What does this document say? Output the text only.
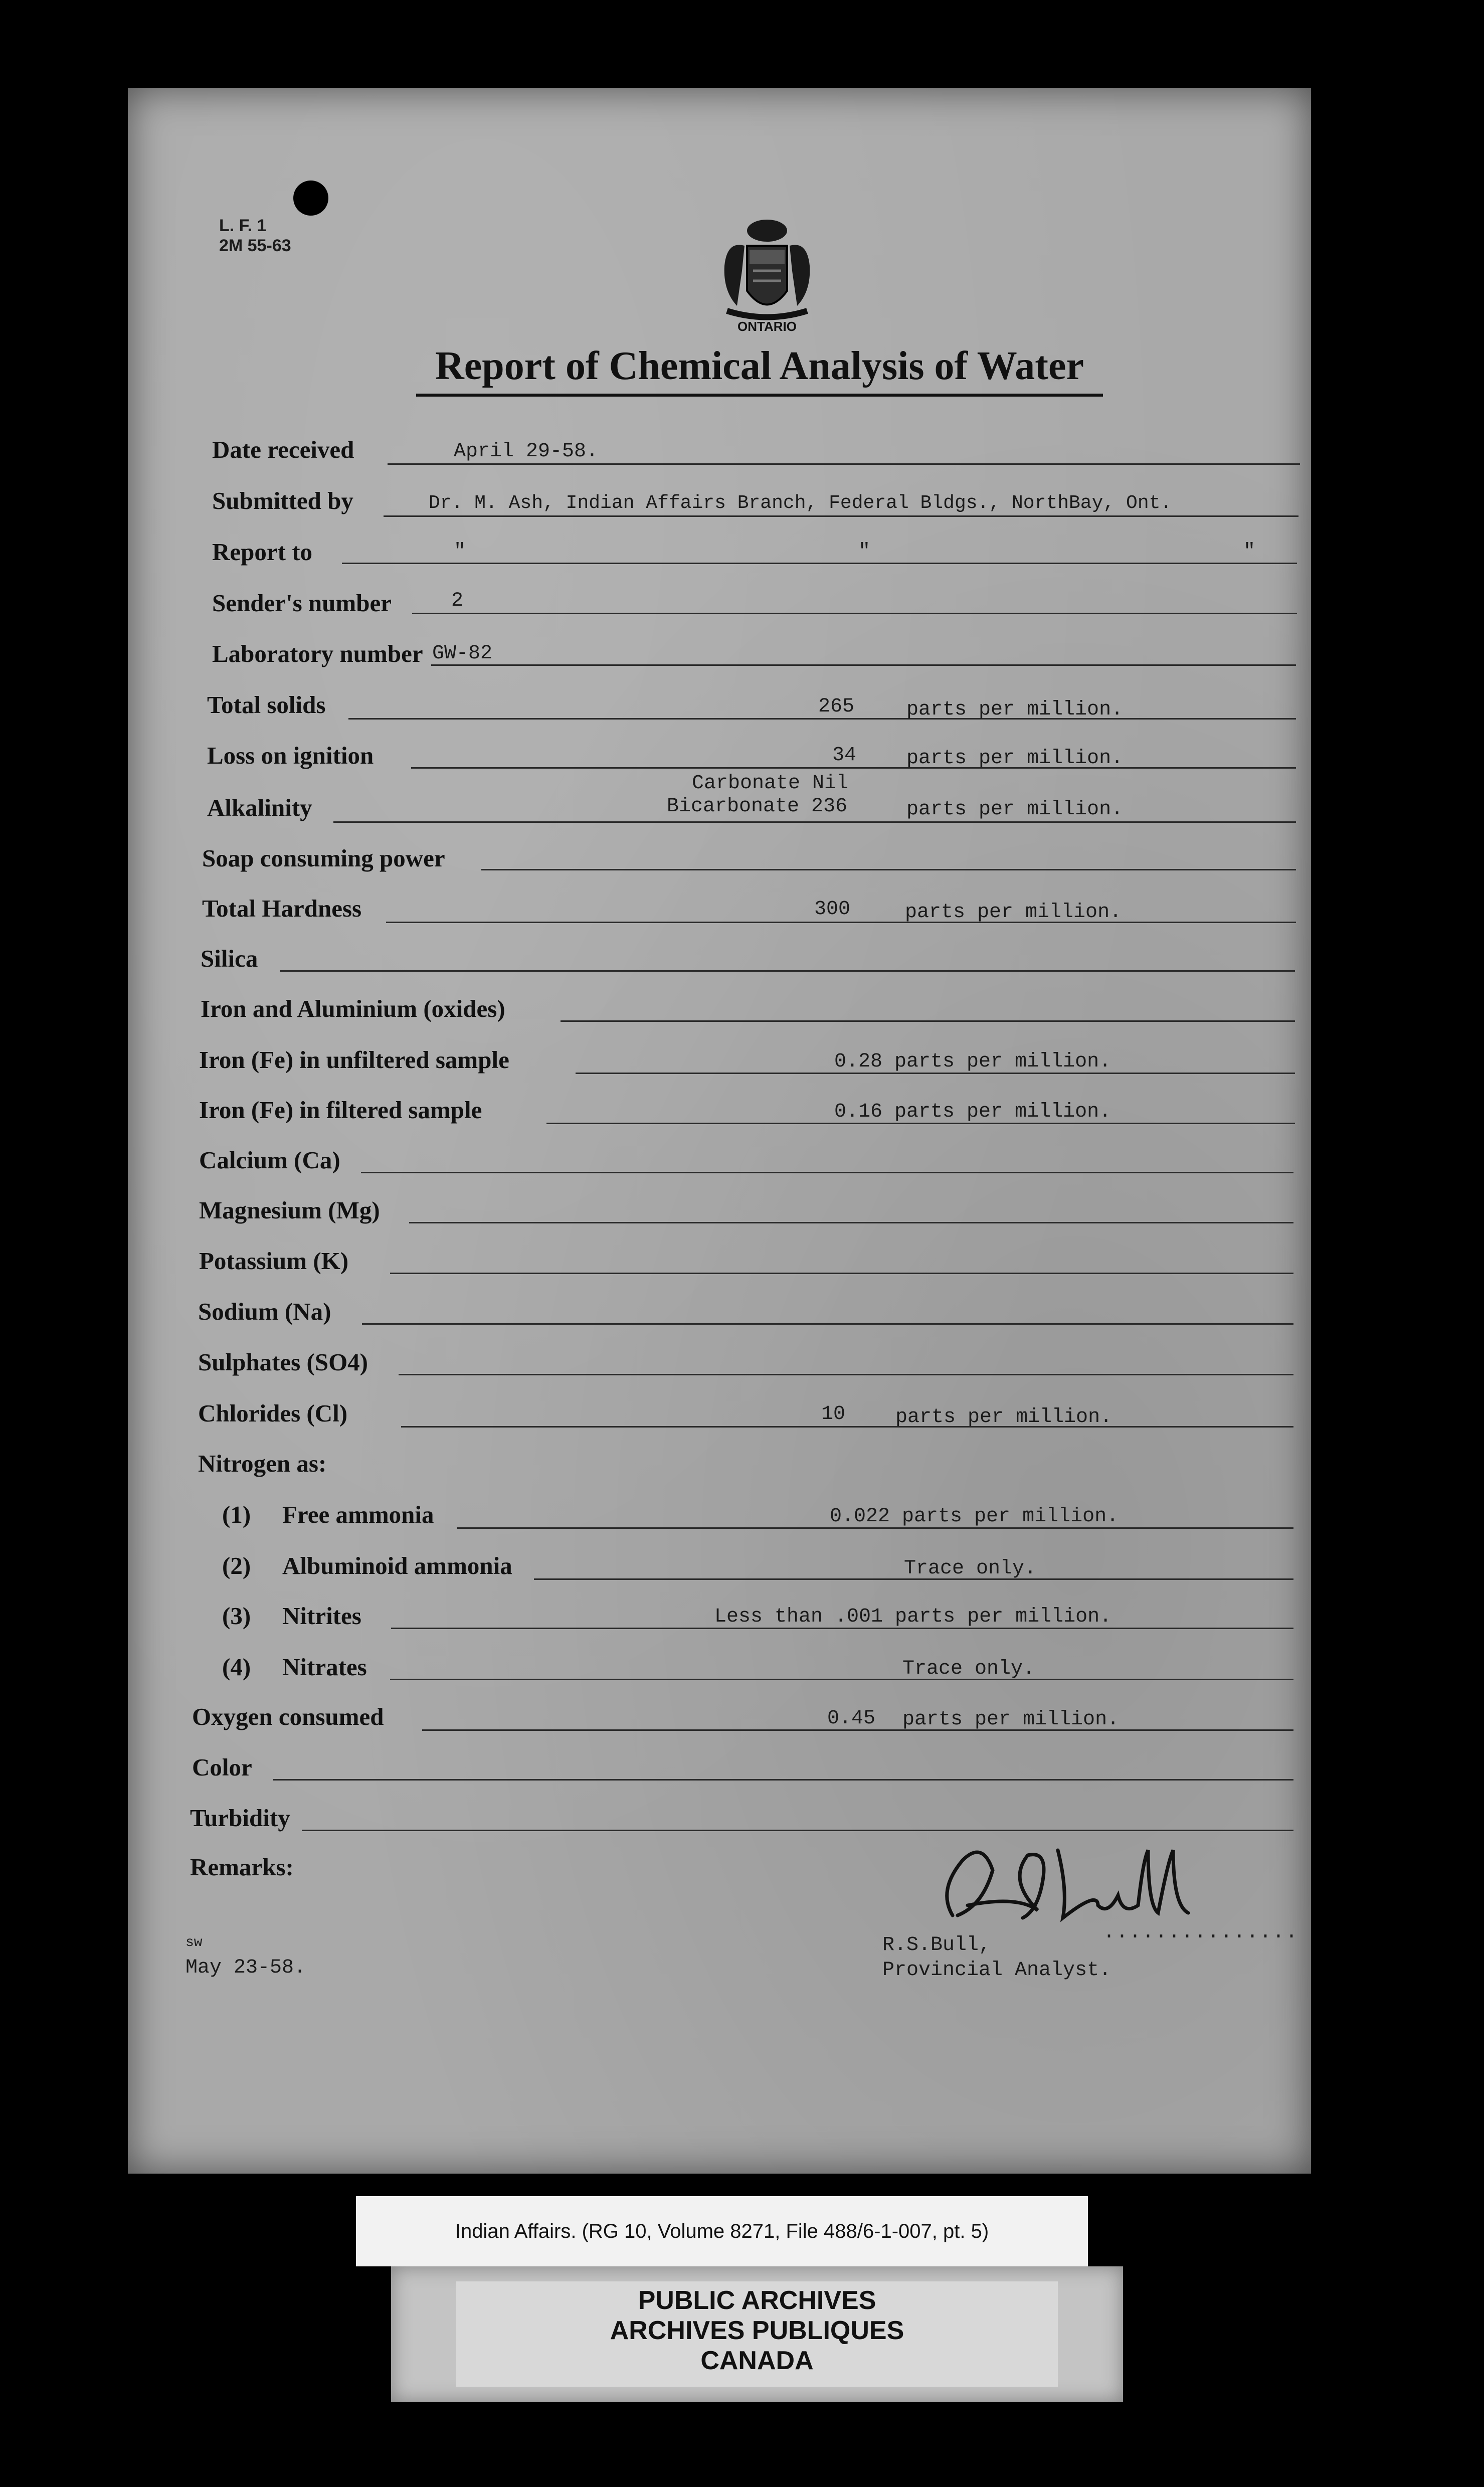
L. F. 1
2M 55-63
ONTARIO
Report of Chemical Analysis of Water
Date received	April 29-58.
Submitted by	Dr. M. Ash, Indian Affairs Branch, Federal Bldgs., NorthBay, Ont.
Report to	"	"	"
Sender's number	2
Laboratory number GW-82
Total solids	265	parts per million.
Loss on ignition	34 parts per million.
Carbonate Nil
Alkalinity	Bicarbonate 236	parts per million.
Soap consuming power
Total Hardness	300	parts per million.
Silica
Iron and Aluminium (oxides)
Iron (Fe) in unfiltered sample	0.28 parts per million.
Iron (Fe) in filtered sample	0.16 parts per million.
Calcium (Ca)
Magnesium (Mg)
Potassium (K)
Sodium (Na)
Sulphates (SO4)
Chlorides (Cl)	10 parts per million.
Nitrogen as:
(1) Free ammonia	0.022 parts per million.
(2) Albuminoid ammonia	Trace only.
(3) Nitrites	Less than .001 parts per million.
(4) Nitrates	Trace only.
Oxygen consumed	0.45 parts per million.
Color
Turbidity
Remarks:
...............
R.S.Bull,
Provincial Analyst.
sw
May 23-58.
Indian Affairs. (RG 10, Volume 8271, File 488/6-1-007, pt. 5)
PUBLIC ARCHIVES
ARCHIVES PUBLIQUES
CANADA
